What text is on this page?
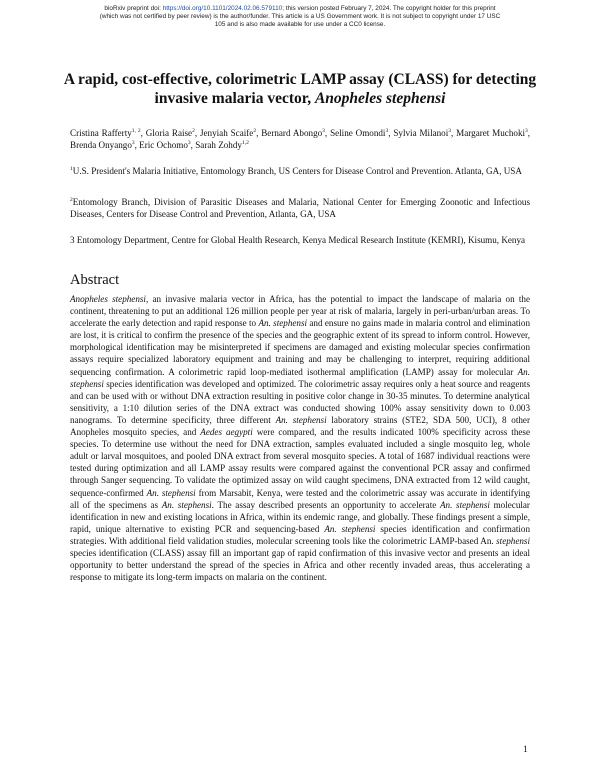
bioRxiv preprint doi: https://doi.org/10.1101/2024.02.06.579110; this version posted February 7, 2024. The copyright holder for this preprint
(which was not certified by peer review) is the author/funder. This article is a US Government work. It is not subject to copyright under 17 USC
105 and is also made available for use under a CC0 license.
A rapid, cost-effective, colorimetric LAMP assay (CLASS) for detecting invasive malaria vector, Anopheles stephensi
Cristina Rafferty$^{1, 2}$, Gloria Raise$^2$, Jenyiah Scaife$^2$, Bernard Abongo$^3$, Seline Omondi$^3$, Sylvia Milanoi$^3$, Margaret Muchoki$^3$, Brenda Onyango$^3$, Eric Ochomo$^3$, Sarah Zohdy$^{1,2}$
$^1$U.S. President's Malaria Initiative, Entomology Branch, US Centers for Disease Control and Prevention. Atlanta, GA, USA
$^2$Entomology Branch, Division of Parasitic Diseases and Malaria, National Center for Emerging Zoonotic and Infectious Diseases, Centers for Disease Control and Prevention, Atlanta, GA, USA
3 Entomology Department, Centre for Global Health Research, Kenya Medical Research Institute (KEMRI), Kisumu, Kenya
Abstract
Anopheles stephensi, an invasive malaria vector in Africa, has the potential to impact the landscape of malaria on the continent, threatening to put an additional 126 million people per year at risk of malaria, largely in peri-urban/urban areas. To accelerate the early detection and rapid response to An. stephensi and ensure no gains made in malaria control and elimination are lost, it is critical to confirm the presence of the species and the geographic extent of its spread to inform control. However, morphological identification may be misinterpreted if specimens are damaged and existing molecular species confirmation assays require specialized laboratory equipment and training and may be challenging to interpret, requiring additional sequencing confirmation. A colorimetric rapid loop-mediated isothermal amplification (LAMP) assay for molecular An. stephensi species identification was developed and optimized. The colorimetric assay requires only a heat source and reagents and can be used with or without DNA extraction resulting in positive color change in 30-35 minutes. To determine analytical sensitivity, a 1:10 dilution series of the DNA extract was conducted showing 100% assay sensitivity down to 0.003 nanograms. To determine specificity, three different An. stephensi laboratory strains (STE2, SDA 500, UCI), 8 other Anopheles mosquito species, and Aedes aegypti were compared, and the results indicated 100% specificity across these species. To determine use without the need for DNA extraction, samples evaluated included a single mosquito leg, whole adult or larval mosquitoes, and pooled DNA extract from several mosquito species. A total of 1687 individual reactions were tested during optimization and all LAMP assay results were compared against the conventional PCR assay and confirmed through Sanger sequencing. To validate the optimized assay on wild caught specimens, DNA extracted from 12 wild caught, sequence-confirmed An. stephensi from Marsabit, Kenya, were tested and the colorimetric assay was accurate in identifying all of the specimens as An. stephensi. The assay described presents an opportunity to accelerate An. stephensi molecular identification in new and existing locations in Africa, within its endemic range, and globally. These findings present a simple, rapid, unique alternative to existing PCR and sequencing-based An. stephensi species identification and confirmation strategies. With additional field validation studies, molecular screening tools like the colorimetric LAMP-based An. stephensi species identification (CLASS) assay fill an important gap of rapid confirmation of this invasive vector and presents an ideal opportunity to better understand the spread of the species in Africa and other recently invaded areas, thus accelerating a response to mitigate its long-term impacts on malaria on the continent.
1
